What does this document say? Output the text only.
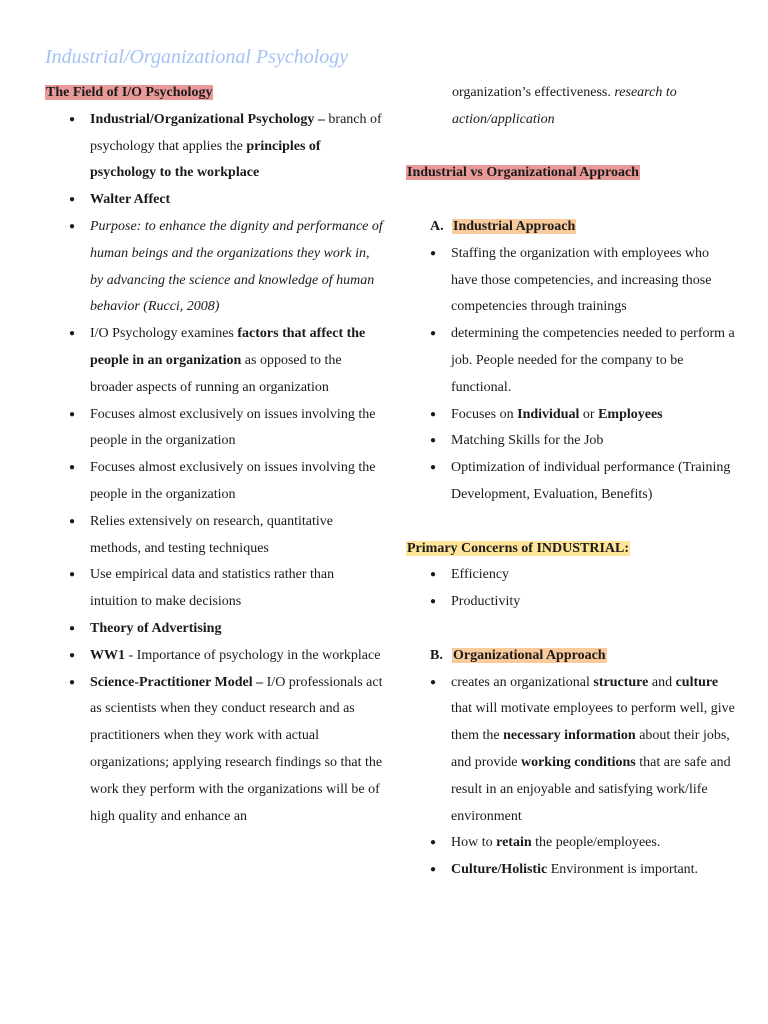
Industrial/Organizational Psychology
The Field of I/O Psychology
● Industrial/Organizational Psychology – branch of psychology that applies the principles of psychology to the workplace
● Walter Affect
● Purpose: to enhance the dignity and performance of human beings and the organizations they work in, by advancing the science and knowledge of human behavior (Rucci, 2008)
● I/O Psychology examines factors that affect the people in an organization as opposed to the broader aspects of running an organization
● Focuses almost exclusively on issues involving the people in the organization
● Focuses almost exclusively on issues involving the people in the organization
● Relies extensively on research, quantitative methods, and testing techniques
● Use empirical data and statistics rather than intuition to make decisions
● Theory of Advertising
● WW1 - Importance of psychology in the workplace
● Science-Practitioner Model – I/O professionals act as scientists when they conduct research and as practitioners when they work with actual organizations; applying research findings so that the work they perform with the organizations will be of high quality and enhance an
organization’s effectiveness. research to action/application
Industrial vs Organizational Approach
A. Industrial Approach
● Staffing the organization with employees who have those competencies, and increasing those competencies through trainings
● determining the competencies needed to perform a job. People needed for the company to be functional.
● Focuses on Individual or Employees
● Matching Skills for the Job
● Optimization of individual performance (Training Development, Evaluation, Benefits)
Primary Concerns of INDUSTRIAL:
● Efficiency
● Productivity
B. Organizational Approach
● creates an organizational structure and culture that will motivate employees to perform well, give them the necessary information about their jobs, and provide working conditions that are safe and result in an enjoyable and satisfying work/life environment
● How to retain the people/employees.
● Culture/Holistic Environment is important.
